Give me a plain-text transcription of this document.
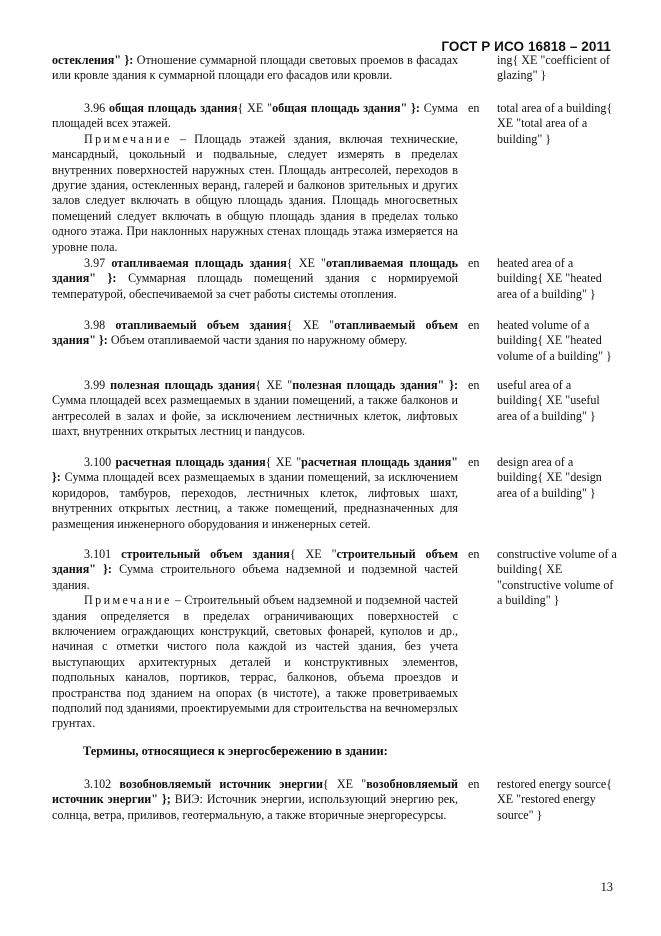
ГОСТ Р ИСО 16818 – 2011

остекления" }: Отношение суммарной площади световых проемов в фасадах или кровле здания к суммарной площади его фасадов или кровли.

ing{ XE "coefficient of glazing" }

3.96 общая площадь здания{ XE "общая площадь здания" }: Сумма площадей всех этажей.

Примечание – Площадь этажей здания, включая технические, мансардный, цокольный и подвальные, следует измерять в пределах внутренних поверхностей наружных стен. Площадь антресолей, переходов в другие здания, остекленных веранд, галерей и балконов зрительных и других залов следует включать в общую площадь здания. Площадь многосветных помещений следует включать в общую площадь здания в пределах только одного этажа. При наклонных наружных стенах площадь этажа измеряется на уровне пола.

en total area of a building{ XE "total area of a building" }

3.97 отапливаемая площадь здания{ XE "отапливаемая площадь здания" }: Суммарная площадь помещений здания с нормируемой температурой, обеспечиваемой за счет работы системы отопления.

en heated area of a building{ XE "heated area of a building" }

3.98 отапливаемый объем здания{ XE "отапливаемый объем здания" }: Объем отапливаемой части здания по наружному обмеру.

en heated volume of a building{ XE "heated volume of a building" }

3.99 полезная площадь здания{ XE "полезная площадь здания" }: Сумма площадей всех размещаемых в здании помещений, а также балконов и антресолей в залах и фойе, за исключением лестничных клеток, лифтовых шахт, внутренних открытых лестниц и пандусов.

en useful area of a building{ XE "useful area of a building" }

3.100 расчетная площадь здания{ XE "расчетная площадь здания" }: Сумма площадей всех размещаемых в здании помещений, за исключением коридоров, тамбуров, переходов, лестничных клеток, лифтовых шахт, внутренних открытых лестниц, а также помещений, предназначенных для размещения инженерного оборудования и инженерных сетей.

en design area of a building{ XE "design area of a building" }

3.101 строительный объем здания{ XE "строительный объем здания" }: Сумма строительного объема надземной и подземной частей здания.

Примечание – Строительный объем надземной и подземной частей здания определяется в пределах ограничивающих поверхностей с включением ограждающих конструкций, световых фонарей, куполов и др., начиная с отметки чистого пола каждой из частей здания, без учета выступающих архитектурных деталей и конструктивных элементов, подпольных каналов, портиков, террас, балконов, объема проездов и пространства под зданием на опорах (в чистоте), а также проветриваемых подполий под зданиями, проектируемыми для строительства на вечномерзлых грунтах.

en constructive volume of a building{ XE "constructive volume of a building" }
Термины, относящиеся к энергосбережению в здании:

3.102 возобновляемый источник энергии{ XE "возобновляемый источник энергии" }; ВИЭ: Источник энергии, использующий энергию рек, солнца, ветра, приливов, геотермальную, а также вторичные энергоресурсы.

en restored energy source{ XE "restored energy source" }
13
